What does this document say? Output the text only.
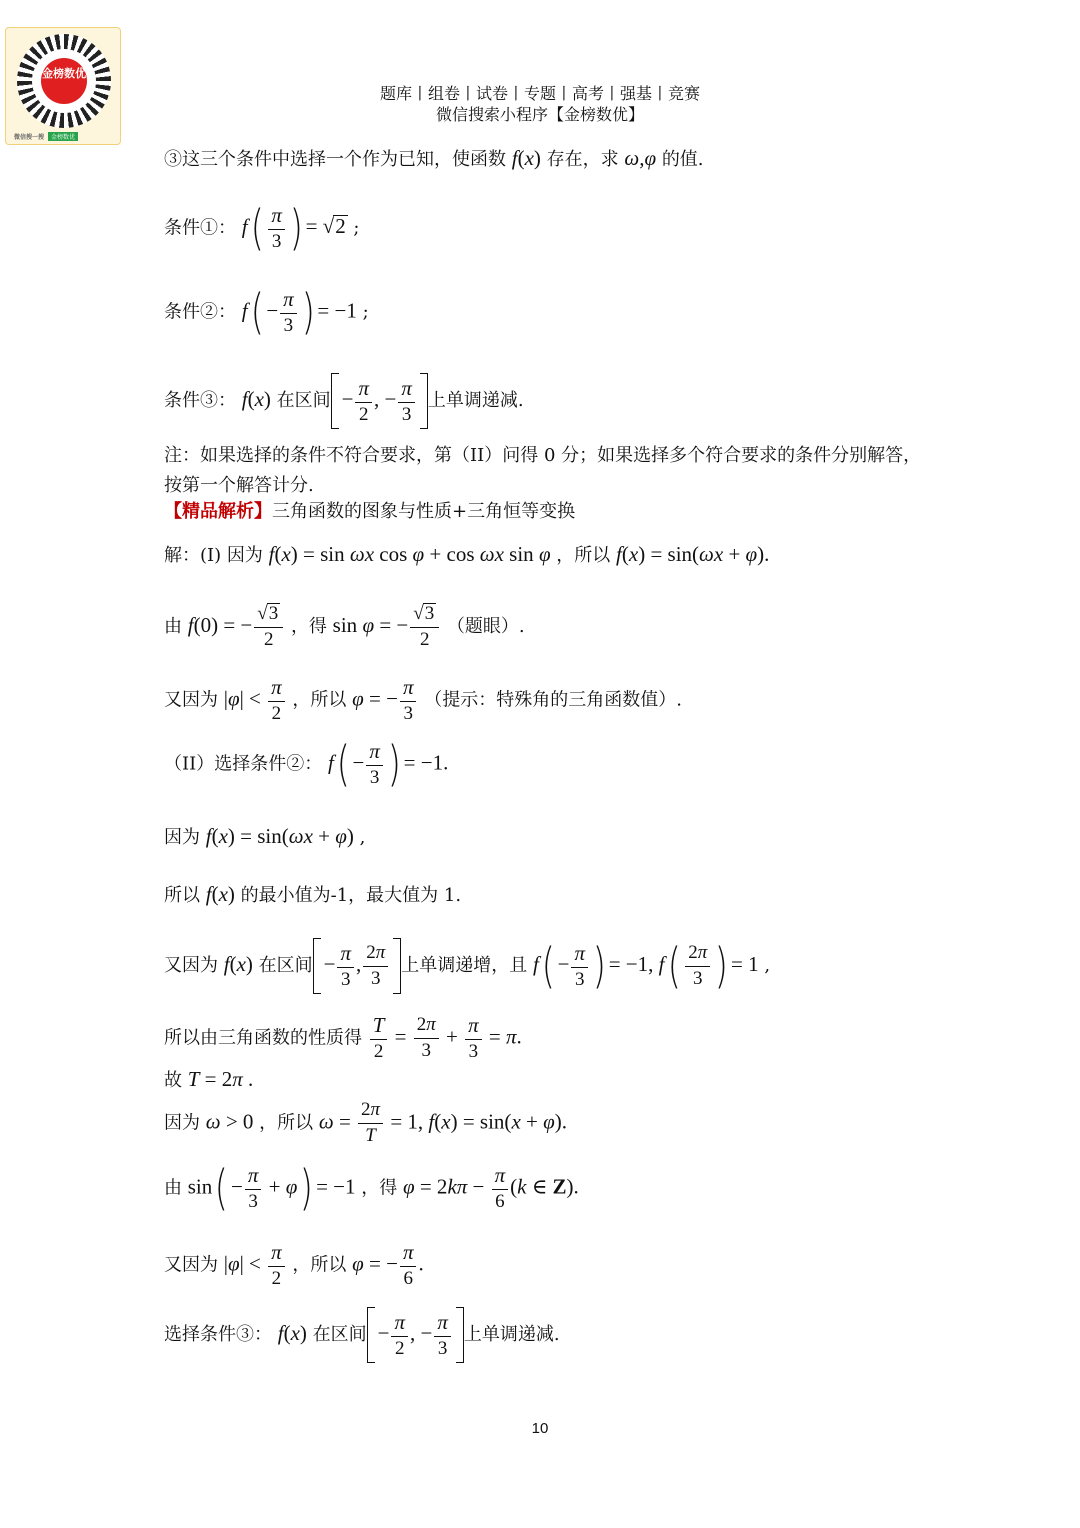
金榜数优
微信搜一搜 金榜数优
题库丨组卷丨试卷丨专题丨高考丨强基丨竞赛
微信搜索小程序【金榜数优】
③这三个条件中选择一个作为已知，使函数 f(x) 存在，求 ω,φ 的值.
条件①： $f( \frac{\pi}{3}$ ) = √2 ;
条件②： $f( - \frac{\pi}{3}$ ) = −1 ;
条件③： f(x) 在区间 − $\frac{\pi}{2}$ , − $\frac{\pi}{3}$ 上单调递减.
注：如果选择的条件不符合要求，第（II）问得 0 分；如果选择多个符合要求的条件分别解答，按第一个解答计分.
【精品解析】三角函数的图象与性质+三角恒等变换
解：(I) 因为 f(x) = sin ωx cos φ + cos ωx sin φ ，所以 f(x) = sin(ωx + φ).
由 f(0) = − $\frac{√3}{2}$ ，得 sin φ = − $\frac{√3}{2}$ （题眼）.
又因为 $|\varphi| < \frac{\pi}{2}$ ，所以 φ = − $\frac{\pi}{3}$ （提示：特殊角的三角函数值）.
（II）选择条件②： $f( - \frac{\pi}{3}$ ) = −1.
因为 f(x) = sin(ωx + φ) ,
所以 f(x) 的最小值为-1，最大值为 1.
又因为 f(x) 在区间 − $\frac{\pi}{3}$ , $\frac{2\pi}{3}$ 上单调递增，且 $f( - \frac{\pi}{3}$ ) = −1, $f( \frac{2\pi}{3}$ ) = 1 ,
所以由三角函数的性质得 $\frac{T}{2} = \frac{2\pi}{3} + \frac{\pi}{3} = \pi$.
故 T = 2π .
因为 ω > 0 ，所以 $\omega = \frac{2\pi}{T} = 1$, f(x) = sin(x + φ).
由 $\sin( - \frac{\pi}{3} + \varphi) = -1$ ，得 $\varphi = 2k\pi - \frac{\pi}{6} (k$ ∈ Z).
又因为 $|\varphi| < \frac{\pi}{2}$ ，所以 φ = − $\frac{\pi}{6}$ .
选择条件③： f(x) 在区间 − $\frac{\pi}{2}$ , − $\frac{\pi}{3}$ 上单调递减.
10
